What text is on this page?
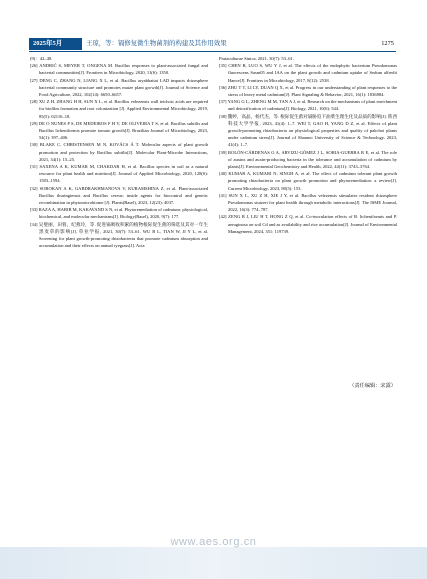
2025年5月	王琼，等：镉修复微生物菌剂的构建及其作用效果	1275

(9)：42–48.

[26] ANDRIĆ S, MEYER T, ONGENA M. Bacillus responses to plant-associated fungal and bacterial communities[J]. Frontiers in Microbiology, 2020, 11(6): 1350.

[27] DENG C, ZHANG N, LIANG X L, et al. Bacillus aryabhattai LAD impacts rhizosphere bacterial community structure and promotes maize plant growth[J]. Journal of Science and Food Agriculture, 2022, 102(14): 6650–6657.

[28] XU Z H, ZHANG H H, SUN X L, et al. Bacillus velezensis wall teichoic acids are required for biofilm formation and root colonization [J]. Applied Environmental Microbiology, 2019, 85(5): 02116–18.

[29] DE O NUNES P S, DE MEDEIROS F H V, DE OLIVEIRA T S, et al. Bacillus subtilis and Bacillus licheniformis promote tomato growth[J]. Brazilian Journal of Microbiology, 2023, 54(1): 397–406.

[30] BLAKE C, CHRISTENSEN M N, KOVÁCS Á T. Molecular aspects of plant growth promotion and protection by Bacillus subtilis[J]. Molecular Plant-Microbe Interactions, 2021, 34(1): 15–25.

[31] SAXENA A K, KUMAR M, CHAKDAR H, et al. Bacillus species in soil as a natural resource for plant health and nutrition[J]. Journal of Applied Microbiology, 2020, 128(6): 1583–1594.

[32] SOROKAN A K, GABDRAKHMANOVA V, KURAMSHINA Z, et al. Plant-associated Bacillus thuringiensis and Bacillus cereus: inside agents for biocontrol and genetic recombination in phytomicrobiome [J]. Plants(Basel), 2023, 12(23): 4037.

[33] RAZA A, HABIB M, KAKAVAND S N, et al. Phytoremediation of cadmium: physiological, biochemical, and molecular mechanisms[J]. Biology(Basel), 2020, 9(7): 177.

[34] 吴璧丽，田蓉，纪燕玲，等. 促进镉吸收积累的植物根际促生菌的筛选及其对一年生黑麦草的影响[J]. 草业学报, 2021, 30(7): 53–61. WU B L, TIAN W, JI Y L, et al. Screening for plant growth-promoting rhizobacteria that promote cadmium absorption and accumulation and their effects on annual ryegrass[J]. Acta

Prataculturae Sinica, 2021, 30(7): 53–61.

[35] CHEN B, LUO S, WU Y J, et al. The effects of the endophytic bacterium Pseudomonas fluorescens Sasm05 and IAA on the plant growth and cadmium uptake of Sedum alfredii Hance[J]. Frontiers in Microbiology, 2017, 8(12): 2538.

[36] ZHU T T, LI LY, DUAN Q X, et al. Progress in our understanding of plant responses to the stress of heavy metal cadmium[J]. Plant Signaling & Behavior, 2021, 16(1): 1836884.

[37] YANG G L, ZHENG M M, TAN A J, et al. Research on the mechanisms of plant enrichment and detoxification of cadmium[J]. Biology, 2021, 10(6): 544.

[38] 魏婷，高晶，杨代杰，等. 根际促生菌对镉胁迫下油菜生理生化及品质的影响[J]. 陕西科技大学学报, 2023, 41(4): 1–7. WEI T, GAO H, YANG D Z, et al. Effects of plant growth-promoting rhizobacteria on physiological properties and quality of pakchoi plants under cadmium stress[J]. Journal of Shaanxi University of Science & Technology, 2023, 41(4): 1–7.

[39] ROLÓN-CÁRDENAS G A, ARVIZU-GÓMEZ J L, SORIA-GUERRA R E, et al. The role of auxins and auxin-producing bacteria in the tolerance and accumulation of cadmium by plants[J]. Environmental Geochemistry and Health, 2022, 44(11): 3743–3764.

[40] KUMAR A, KUMARI N, SINGH A, et al. The effect of cadmium tolerant plant growth promoting rhizobacteria on plant growth promotion and phytoremediation: a review[J]. Current Microbiology, 2023, 80(5): 153.

[41] SUN X L, XU Z H, XIE J Y, et al. Bacillus velezensis stimulates resident rhizosphere Pseudomonas stutzeri for plant health through metabolic interactions[J]. The ISME Journal, 2022, 16(3): 774–787.

[42] ZENG R J, LIU H T, HONG Z Q, et al. Co-inoculation effects of B. licheniformis and P. aeruginosa on soil Cd and as availability and rice accumulation[J]. Journal of Environmental Management, 2024, 351: 119739.

（责任编辑：宋露）
www.aes.org.cn
